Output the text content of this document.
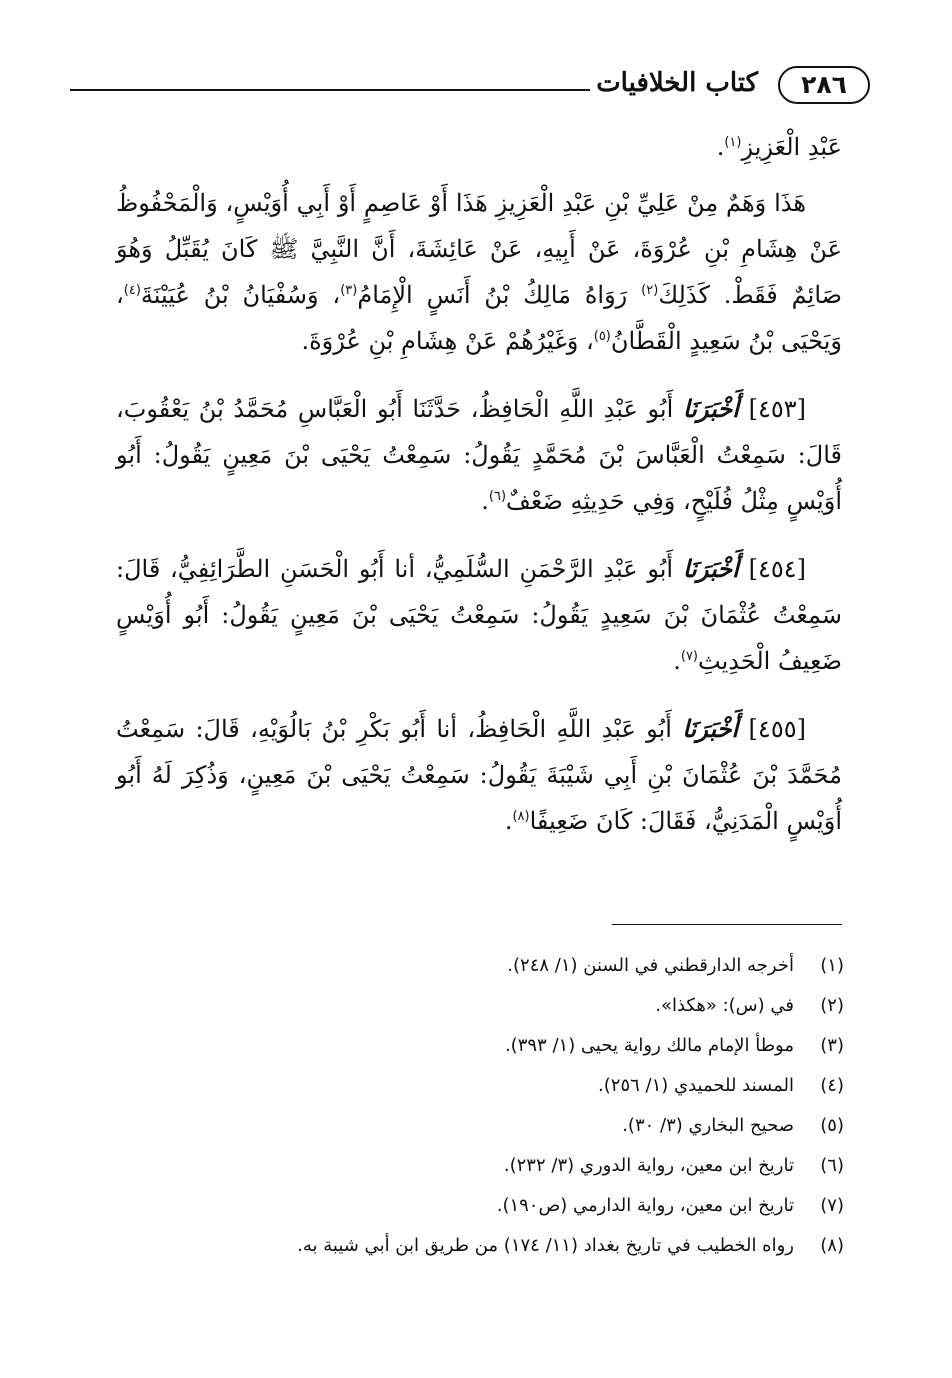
٢٨٦
كتاب الخلافيات

عَبْدِ الْعَزِيزِ$^{(١)}$.

هَذَا وَهَمٌ مِنْ عَلِيِّ بْنِ عَبْدِ الْعَزِيزِ هَذَا أَوْ عَاصِمٍ أَوْ أَبِي أُوَيْسٍ، وَالْمَحْفُوظُ عَنْ هِشَامِ بْنِ عُرْوَةَ، عَنْ أَبِيهِ، عَنْ عَائِشَةَ، أَنَّ النَّبِيَّ ﷺ كَانَ يُقَبِّلُ وَهُوَ صَائِمٌ فَقَطْ. كَذَلِكَ$^{(٢)}$ رَوَاهُ مَالِكُ بْنُ أَنَسٍ الْإِمَامُ$^{(٣)}$، وَسُفْيَانُ بْنُ عُيَيْنَةَ$^{(٤)}$، وَيَحْيَى بْنُ سَعِيدٍ الْقَطَّانُ$^{(٥)}$، وَغَيْرُهُمْ عَنْ هِشَامِ بْنِ عُرْوَةَ.

[٤٥٣] أَخْبَرَنَا أَبُو عَبْدِ اللَّهِ الْحَافِظُ، حَدَّثَنَا أَبُو الْعَبَّاسِ مُحَمَّدُ بْنُ يَعْقُوبَ، قَالَ: سَمِعْتُ الْعَبَّاسَ بْنَ مُحَمَّدٍ يَقُولُ: سَمِعْتُ يَحْيَى بْنَ مَعِينٍ يَقُولُ: أَبُو أُوَيْسٍ مِثْلُ فُلَيْحٍ، وَفِي حَدِيثِهِ ضَعْفٌ$^{(٦)}$.

[٤٥٤] أَخْبَرَنَا أَبُو عَبْدِ الرَّحْمَنِ السُّلَمِيُّ، أنا أَبُو الْحَسَنِ الطَّرَائِفِيُّ، قَالَ: سَمِعْتُ عُثْمَانَ بْنَ سَعِيدٍ يَقُولُ: سَمِعْتُ يَحْيَى بْنَ مَعِينٍ يَقُولُ: أَبُو أُوَيْسٍ ضَعِيفُ الْحَدِيثِ$^{(٧)}$.

[٤٥٥] أَخْبَرَنَا أَبُو عَبْدِ اللَّهِ الْحَافِظُ، أنا أَبُو بَكْرِ بْنُ بَالُوَيْهِ، قَالَ: سَمِعْتُ مُحَمَّدَ بْنَ عُثْمَانَ بْنِ أَبِي شَيْبَةَ يَقُولُ: سَمِعْتُ يَحْيَى بْنَ مَعِينٍ، وَذُكِرَ لَهُ أَبُو أُوَيْسٍ الْمَدَنِيُّ، فَقَالَ: كَانَ ضَعِيفًا$^{(٨)}$.

(١)
أخرجه الدارقطني في السنن (١/ ٢٤٨).
(٢)
في (س): «هكذا».
(٣)
موطأ الإمام مالك رواية يحيى (١/ ٣٩٣).
(٤)
المسند للحميدي (١/ ٢٥٦).
(٥)
صحيح البخاري (٣/ ٣٠).
(٦)
تاريخ ابن معين، رواية الدوري (٣/ ٢٣٢).
(٧)
تاريخ ابن معين، رواية الدارمي (ص١٩٠).
(٨)
رواه الخطيب في تاريخ بغداد (١١/ ١٧٤) من طريق ابن أبي شيبة به.
